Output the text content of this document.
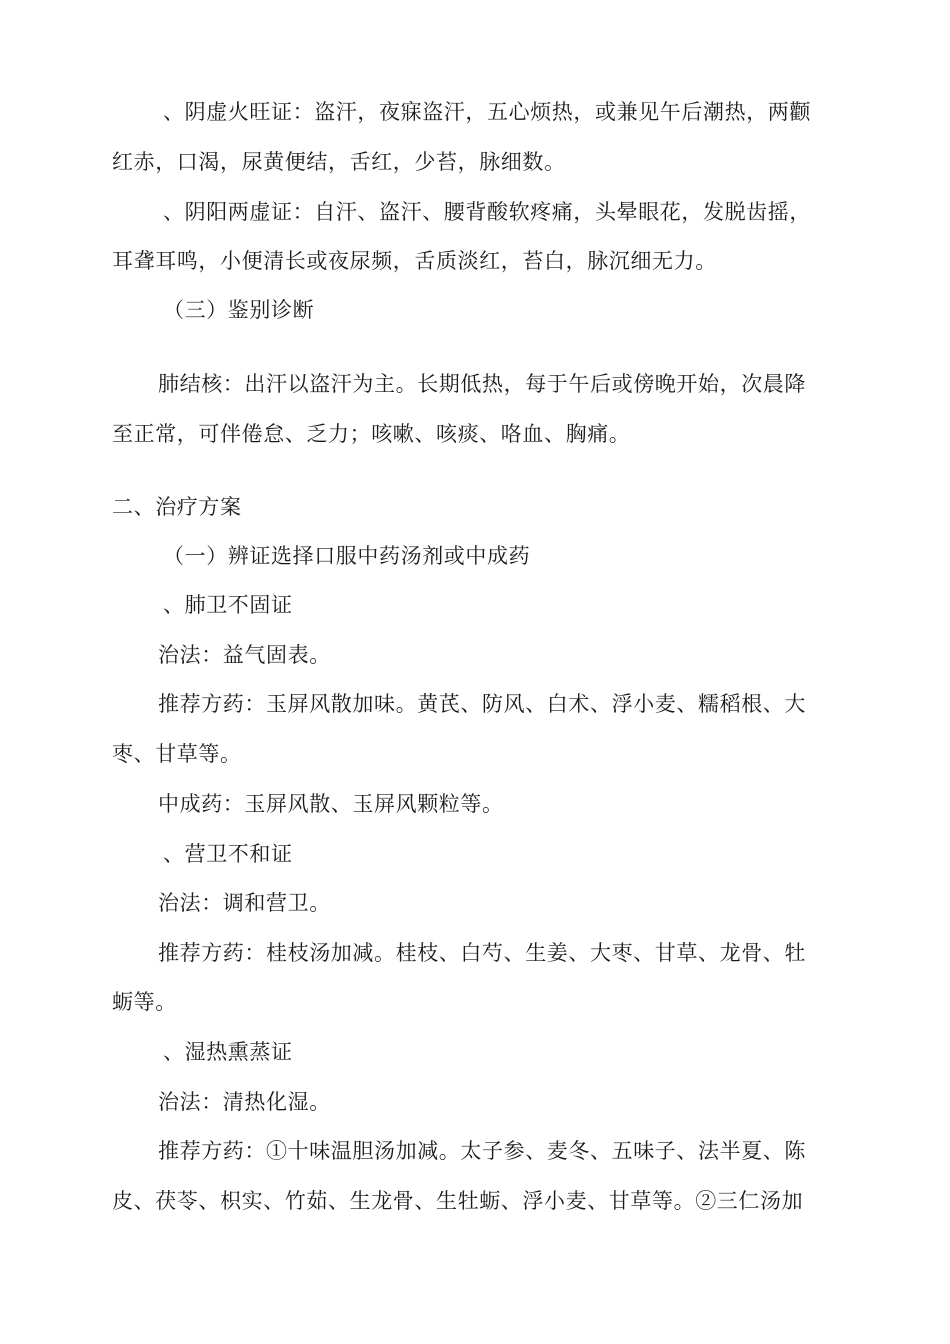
、阴虚火旺证：盗汗，夜寐盗汗，五心烦热，或兼见午后潮热，两颧
红赤，口渴，尿黄便结，舌红，少苔，脉细数。
、阴阳两虚证：自汗、盗汗、腰背酸软疼痛，头晕眼花，发脱齿摇，
耳聋耳鸣，小便清长或夜尿频，舌质淡红，苔白，脉沉细无力。
（三）鉴别诊断
肺结核：出汗以盗汗为主。长期低热，每于午后或傍晚开始，次晨降
至正常，可伴倦怠、乏力；咳嗽、咳痰、咯血、胸痛。
二、治疗方案
（一）辨证选择口服中药汤剂或中成药
、肺卫不固证
治法：益气固表。
推荐方药：玉屏风散加味。黄芪、防风、白术、浮小麦、糯稻根、大
枣、甘草等。
中成药：玉屏风散、玉屏风颗粒等。
、营卫不和证
治法：调和营卫。
推荐方药：桂枝汤加减。桂枝、白芍、生姜、大枣、甘草、龙骨、牡
蛎等。
、湿热熏蒸证
治法：清热化湿。
推荐方药：①十味温胆汤加减。太子参、麦冬、五味子、法半夏、陈
皮、茯苓、枳实、竹茹、生龙骨、生牡蛎、浮小麦、甘草等。②三仁汤加
